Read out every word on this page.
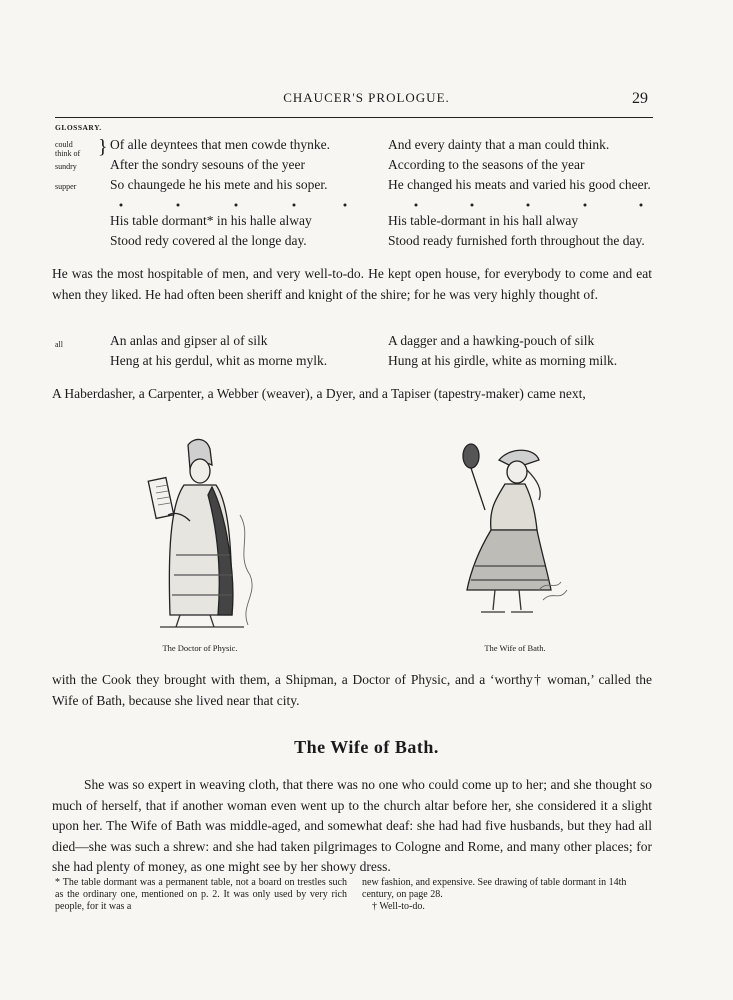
CHAUCER'S PROLOGUE.	29
GLOSSARY.
could
think of
sundry
supper
all
} Of alle deyntees that men cowde thynke.
After the sondry sesouns of the yeer
So chaungede he his mete and his soper.
And every dainty that a man could think.
According to the seasons of the year
He changed his meats and varied his good cheer.
His table dormant* in his halle alway
Stood redy covered al the longe day.
His table-dormant in his hall alway
Stood ready furnished forth throughout the day.

He was the most hospitable of men, and very well-to-do. He kept open house, for everybody to come and eat when they liked. He had often been sheriff and knight of the shire; for he was very highly thought of.

An anlas and gipser al of silk
Heng at his gerdul, whit as morne mylk.
A dagger and a hawking-pouch of silk
Hung at his girdle, white as morning milk.

A Haberdasher, a Carpenter, a Webber (weaver), a Dyer, and a Tapiser (tapestry-maker) came next,

The Doctor of Physic.	The Wife of Bath.

with the Cook they brought with them, a Shipman, a Doctor of Physic, and a ‘worthy† woman,’ called the Wife of Bath, because she lived near that city.

The Wife of Bath.

She was so expert in weaving cloth, that there was no one who could come up to her; and she thought so much of herself, that if another woman even went up to the church altar before her, she considered it a slight upon her. The Wife of Bath was middle-aged, and somewhat deaf: she had had five husbands, but they had all died—she was such a shrew: and she had taken pilgrimages to Cologne and Rome, and many other places; for she had plenty of money, as one might see by her showy dress.

* The table dormant was a permanent table, not a board on trestles such as the ordinary one, mentioned on p. 2. It was only used by very rich people, for it was a

new fashion, and expensive. See drawing of table dormant in 14th century, on page 28.

† Well-to-do.
